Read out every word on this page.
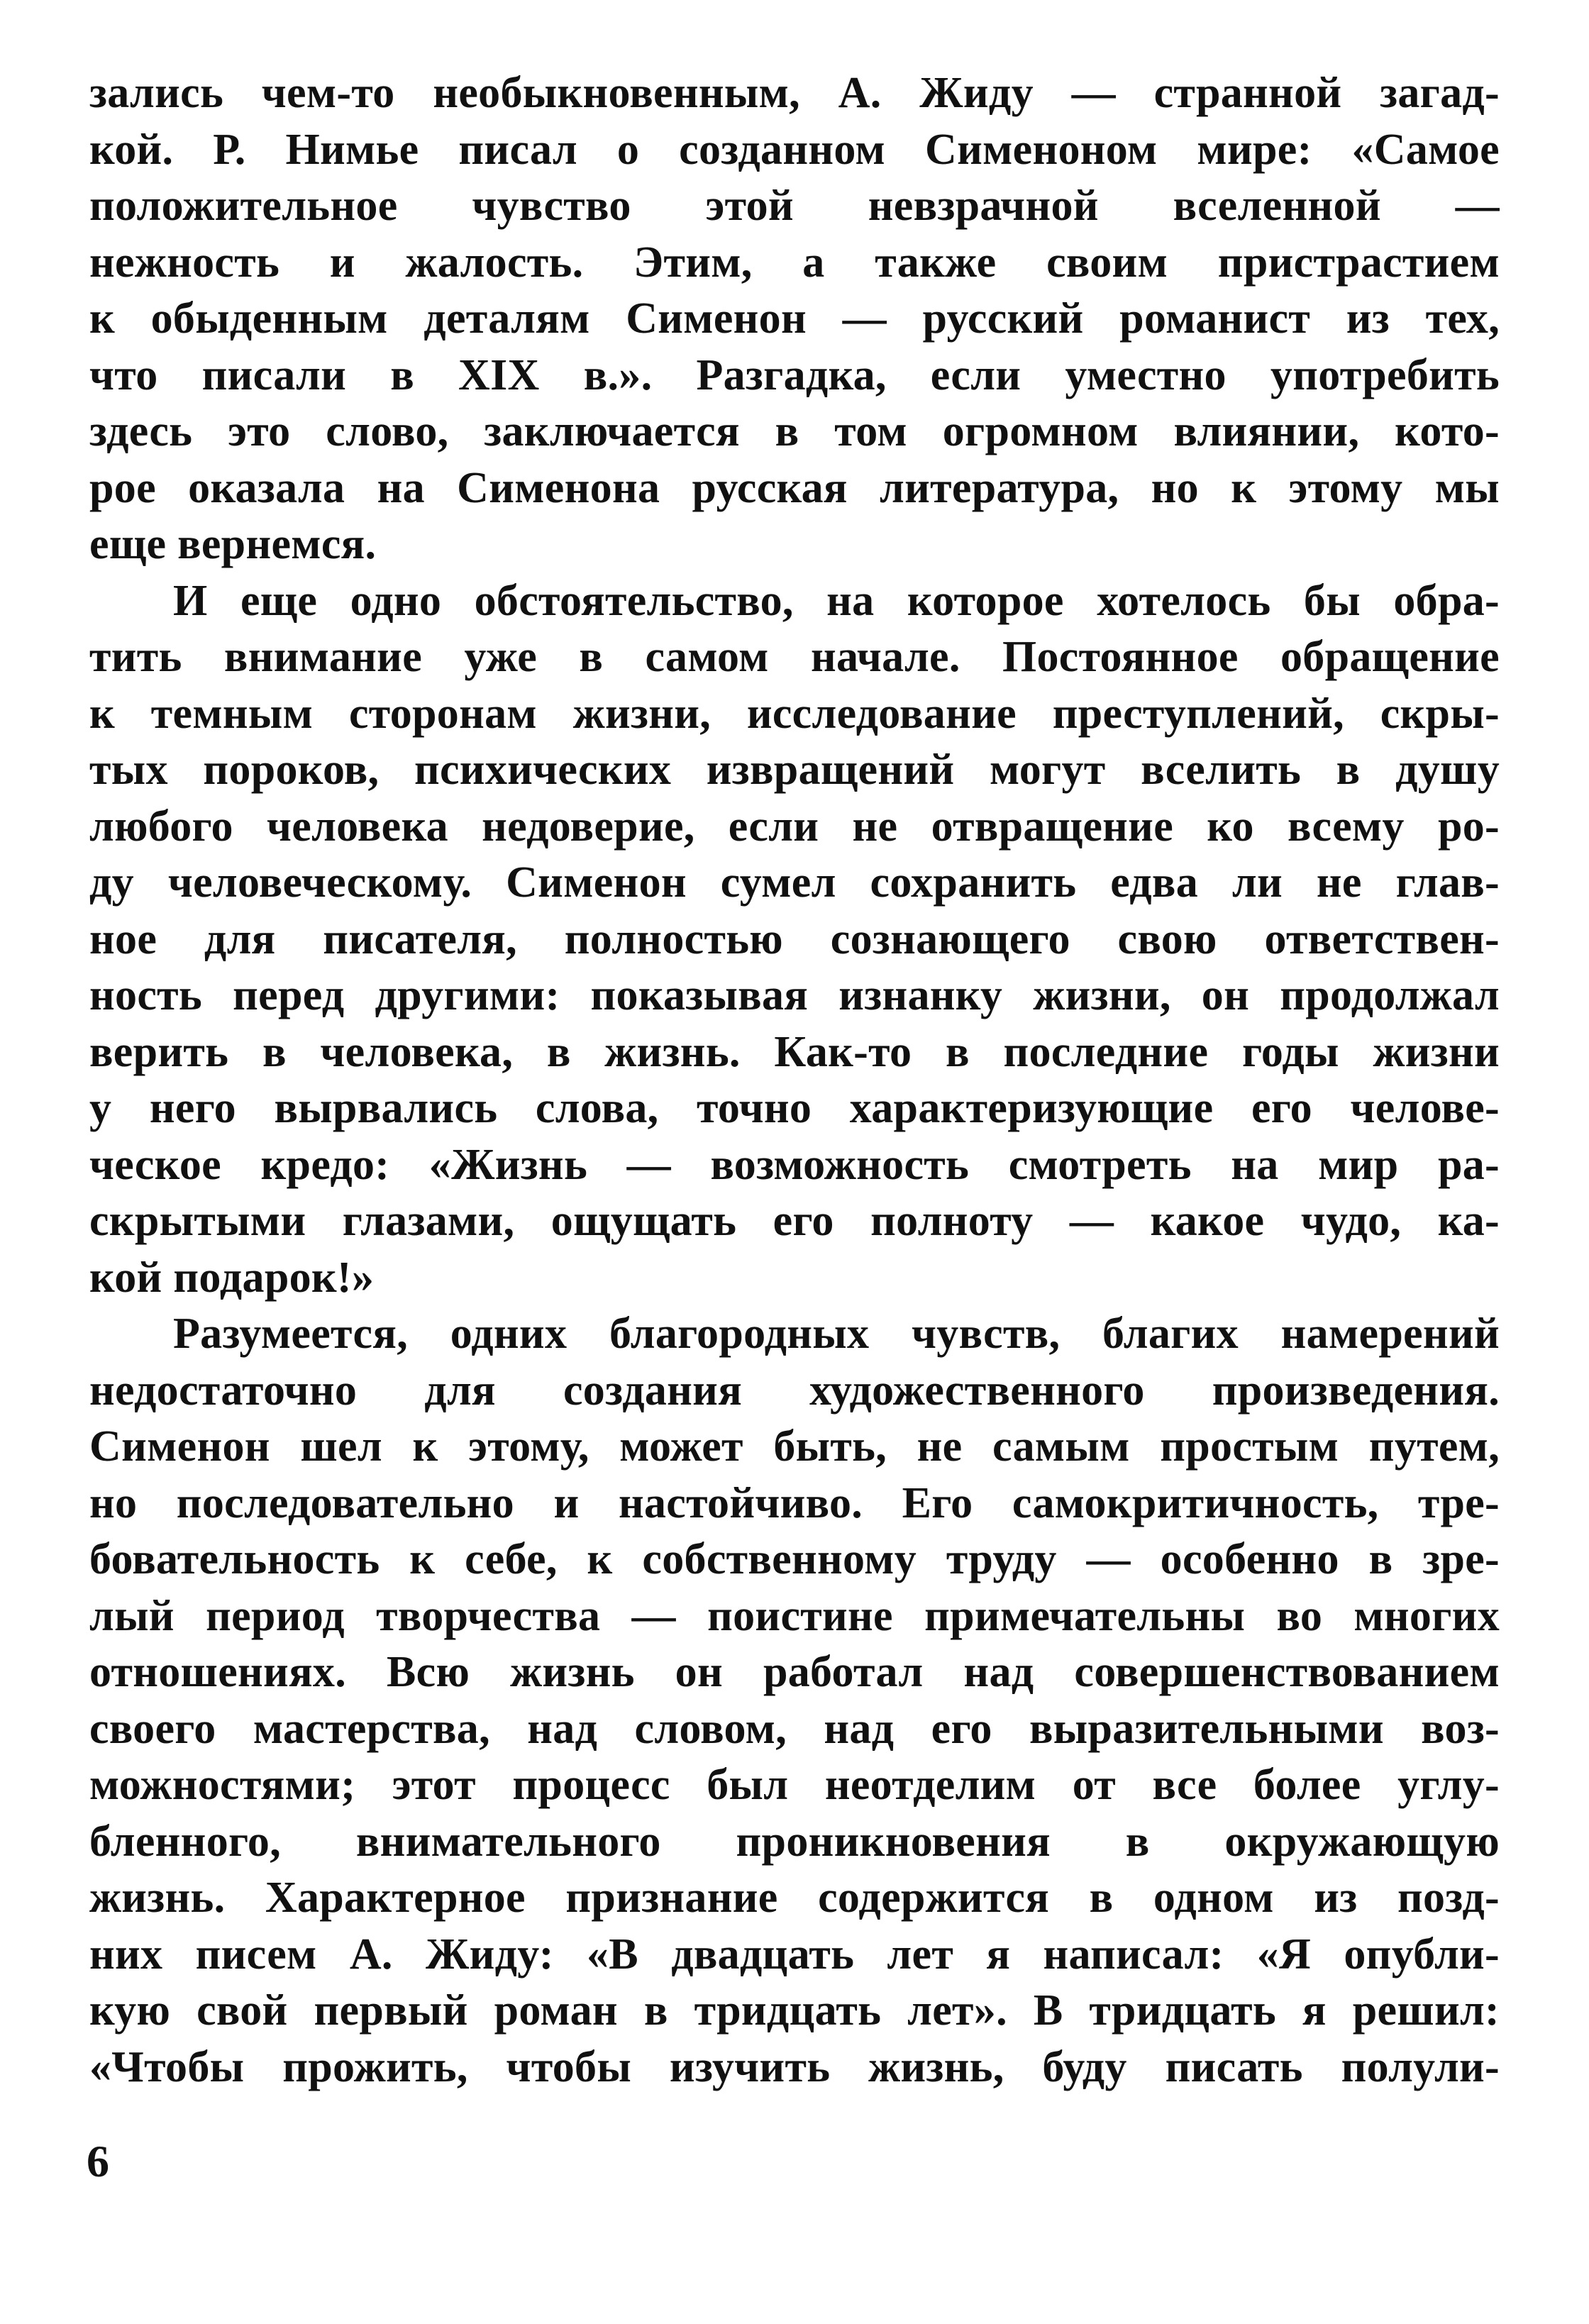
зались чем-то необыкновенным, А. Жиду — странной загад-
кой. Р. Нимье писал о созданном Сименоном мире: «Самое
положительное чувство этой невзрачной вселенной —
нежность и жалость. Этим, а также своим пристрастием
к обыденным деталям Сименон — русский романист из тех,
что писали в XIX в.». Разгадка, если уместно употребить
здесь это слово, заключается в том огромном влиянии, кото-
рое оказала на Сименона русская литература, но к этому мы
еще вернемся.
И еще одно обстоятельство, на которое хотелось бы обра-
тить внимание уже в самом начале. Постоянное обращение
к темным сторонам жизни, исследование преступлений, скры-
тых пороков, психических извращений могут вселить в душу
любого человека недоверие, если не отвращение ко всему ро-
ду человеческому. Сименон сумел сохранить едва ли не глав-
ное для писателя, полностью сознающего свою ответствен-
ность перед другими: показывая изнанку жизни, он продолжал
верить в человека, в жизнь. Как-то в последние годы жизни
у него вырвались слова, точно характеризующие его челове-
ческое кредо: «Жизнь — возможность смотреть на мир ра-
скрытыми глазами, ощущать его полноту — какое чудо, ка-
кой подарок!»
Разумеется, одних благородных чувств, благих намерений
недостаточно для создания художественного произведения.
Сименон шел к этому, может быть, не самым простым путем,
но последовательно и настойчиво. Его самокритичность, тре-
бовательность к себе, к собственному труду — особенно в зре-
лый период творчества — поистине примечательны во многих
отношениях. Всю жизнь он работал над совершенствованием
своего мастерства, над словом, над его выразительными воз-
можностями; этот процесс был неотделим от все более углу-
бленного, внимательного проникновения в окружающую
жизнь. Характерное признание содержится в одном из позд-
них писем А. Жиду: «В двадцать лет я написал: «Я опубли-
кую свой первый роман в тридцать лет». В тридцать я решил:
«Чтобы прожить, чтобы изучить жизнь, буду писать полули-
6
